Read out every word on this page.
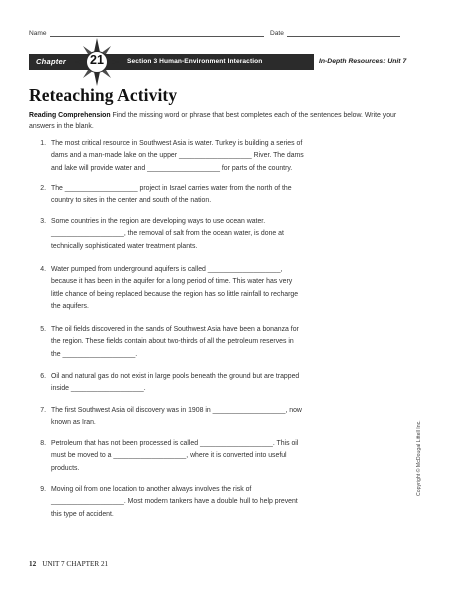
Name	Date
Chapter	Section 3 Human-Environment Interaction	In-Depth Resources: Unit 7
21
Reteaching Activity
Reading Comprehension Find the missing word or phrase that best completes each of the sentences below. Write your answers in the blank.
1. The most critical resource in Southwest Asia is water. Turkey is building a series of
dams and a man-made lake on the upper ___________________ River. The dams
and lake will provide water and ___________________ for parts of the country.
2. The ___________________ project in Israel carries water from the north of the
country to sites in the center and south of the nation.
3. Some countries in the region are developing ways to use ocean water.
___________________, the removal of salt from the ocean water, is done at
technically sophisticated water treatment plants.
4. Water pumped from underground aquifers is called ___________________,
because it has been in the aquifer for a long period of time. This water has very
little chance of being replaced because the region has so little rainfall to recharge
the aquifers.
5. The oil fields discovered in the sands of Southwest Asia have been a bonanza for
the region. These fields contain about two-thirds of all the petroleum reserves in
the ___________________.
6. Oil and natural gas do not exist in large pools beneath the ground but are trapped
inside ___________________.
7. The first Southwest Asia oil discovery was in 1908 in ___________________, now
known as Iran.
8. Petroleum that has not been processed is called ___________________. This oil
must be moved to a ___________________, where it is converted into useful
products.
9. Moving oil from one location to another always involves the risk of
___________________. Most modern tankers have a double hull to help prevent
this type of accident.
12 UNIT 7 CHAPTER 21
Copyright © McDougal Littell Inc.
